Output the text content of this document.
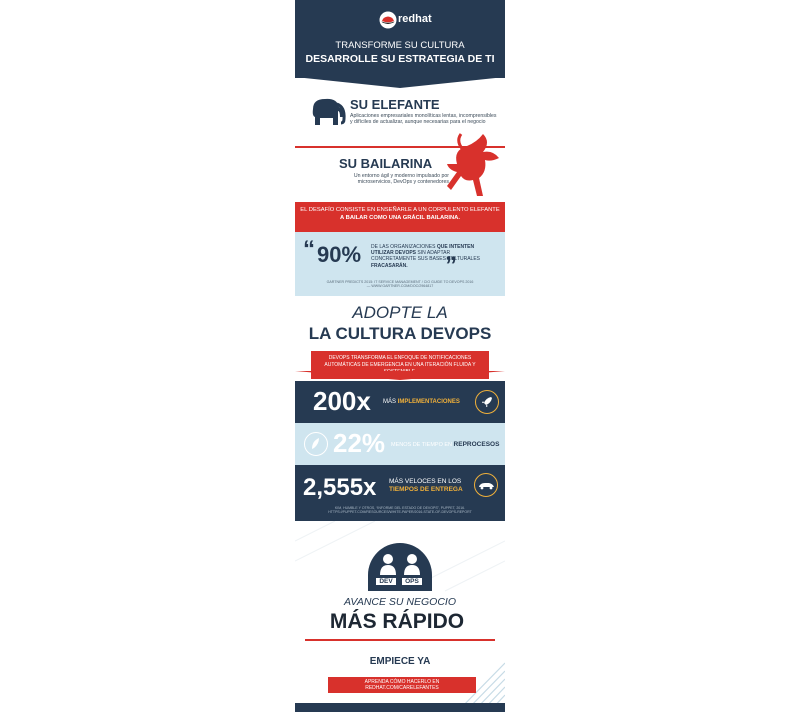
redhat
TRANSFORME SU CULTURA
DESARROLLE SU ESTRATEGIA DE TI
SU ELEFANTE
Aplicaciones empresariales monolíticas lentas, incomprensibles y difíciles de actualizar, aunque necesarias para el negocio
SU BAILARINA
Un entorno ágil y moderno impulsado por microservicios, DevOps y contenedores
EL DESAFÍO CONSISTE EN ENSEÑARLE A UN CORPULENTO ELEFANTE
A BAILAR COMO UNA GRÁCIL BAILARINA.
“ 90% DE LAS ORGANIZACIONES QUE INTENTEN UTILIZAR DEVOPS SIN ADAPTAR CONCRETAMENTE SUS BASES CULTURALES FRACASARÁN.	”
GARTNER PREDICTS 2015: IT SERVICE MANAGEMENT / CIO GUIDE TO DEVOPS 2016 — WWW.GARTNER.COM/DOC/2964817
ADOPTE LA
LA CULTURA DEVOPS
DEVOPS TRANSFORMA EL ENFOQUE DE NOTIFICACIONES AUTOMÁTICAS DE EMERGENCIA EN UNA ITERACIÓN FLUIDA Y
200x MÁS IMPLEMENTACIONES
22% MENOS DE TIEMPO EN REPROCESOS
2,555x MÁS VELOCES EN LOS
TIEMPOS DE ENTREGA
KIM, HUMBLE Y OTROS, “INFORME DEL ESTADO DE DEVOPS”, PUPPET, 2016. HTTPS://PUPPET.COM/RESOURCES/WHITE-PAPER/2016-STATE-OF-DEVOPS-REPORT
DEV	OPS
AVANCE SU NEGOCIO
MÁS RÁPIDO
EMPIECE YA
APRENDA CÓMO HACERLO EN REDHAT.COM/CARELEFANTES
